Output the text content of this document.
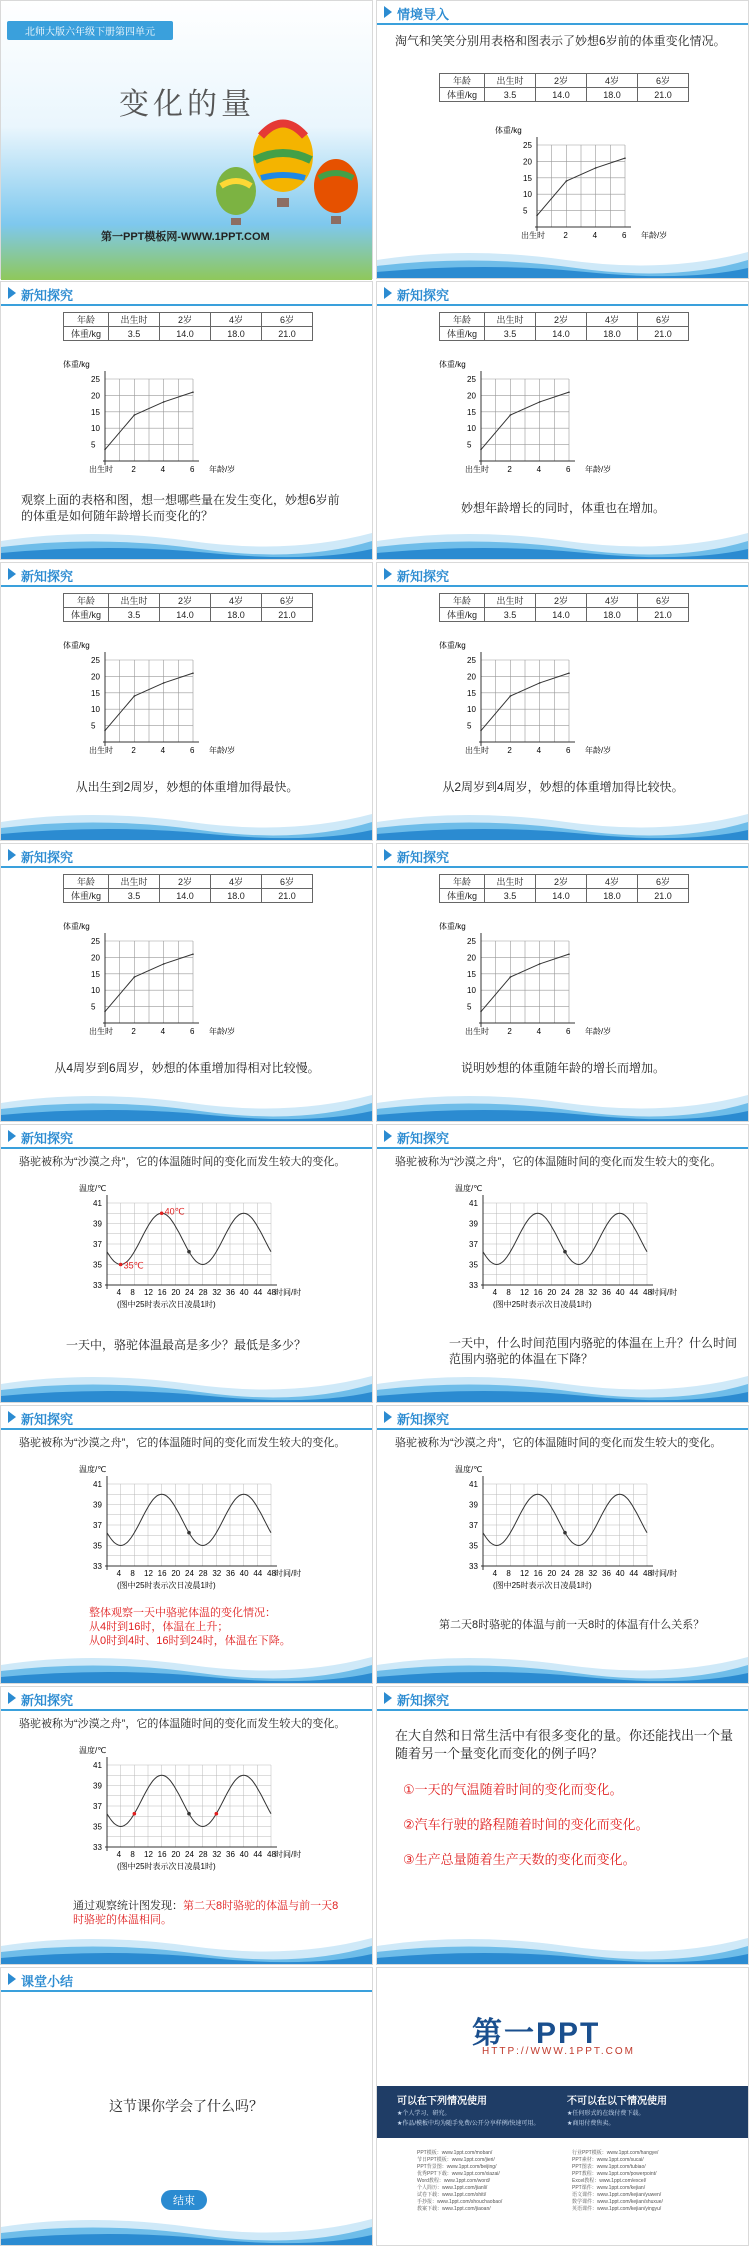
北师大版六年级下册第四单元
变化的量
第一PPT模板网-WWW.1PPT.COM
情境导入
淘气和笑笑分别用表格和图表示了妙想6岁前的体重变化情况。
年龄	出生时	2岁	4岁	6岁
体重/kg	3.5	14.0	18.0	21.0
体重/kg
25
20
15
10
5
出生时 2	4	6 年龄/岁
新知探究
年龄	出生时	2岁	4岁	6岁
体重/kg	3.5	14.0	18.0	21.0
体重/kg
25
20
15
10
5
出生时 2	4	6 年龄/岁
观察上面的表格和图，想一想哪些量在发生变化，妙想6岁前的体重是如何随年龄增长而变化的？
新知探究
年龄	出生时	2岁	4岁	6岁
体重/kg	3.5	14.0	18.0	21.0
体重/kg
25
20
15
10
5
出生时 2	4	6 年龄/岁
妙想年龄增长的同时，体重也在增加。
新知探究
年龄	出生时	2岁	4岁	6岁
体重/kg	3.5	14.0	18.0	21.0
体重/kg
25
20
15
10
5
出生时 2	4	6 年龄/岁
从出生到2周岁，妙想的体重增加得最快。
新知探究
年龄	出生时	2岁	4岁	6岁
体重/kg	3.5	14.0	18.0	21.0
体重/kg
25
20
15
10
5
出生时 2	4	6 年龄/岁
从2周岁到4周岁，妙想的体重增加得比较快。
新知探究
年龄	出生时	2岁	4岁	6岁
体重/kg	3.5	14.0	18.0	21.0
体重/kg
25
20
15
10
5
出生时 2	4	6 年龄/岁
从4周岁到6周岁，妙想的体重增加得相对比较慢。
新知探究
年龄	出生时	2岁	4岁	6岁
体重/kg	3.5	14.0	18.0	21.0
体重/kg
25
20
15
10
5
出生时 2	4	6 年龄/岁
说明妙想的体重随年龄的增长而增加。
一天中，骆驼体温最高是多少？最低是多少？
新知探究
骆驼被称为“沙漠之舟”，它的体温随时间的变化而发生较大的变化。
40℃
35℃
温度/℃
41
39
37
35
33
4 8 12 16 20 24 28 32 36 40 44 48 时间/时
(图中25时表示次日凌晨1时)
一天中，什么时间范围内骆驼的体温在上升？什么时间范围内骆驼的体温在下降？
新知探究
骆驼被称为“沙漠之舟”，它的体温随时间的变化而发生较大的变化。
温度/℃
41
39
37
35
33
4 8 12 16 20 24 28 32 36 40 44 48 时间/时
(图中25时表示次日凌晨1时)
整体观察一天中骆驼体温的变化情况：
从4时到16时，体温在上升；
从0时到4时、16时到24时，体温在下降。
新知探究
骆驼被称为“沙漠之舟”，它的体温随时间的变化而发生较大的变化。
温度/℃
41
39
37
35
33
4 8 12 16 20 24 28 32 36 40 44 48 时间/时
(图中25时表示次日凌晨1时)
第二天8时骆驼的体温与前一天8时的体温有什么关系？
新知探究
骆驼被称为“沙漠之舟”，它的体温随时间的变化而发生较大的变化。
温度/℃
41
39
37
35
33
4 8 12 16 20 24 28 32 36 40 44 48 时间/时
(图中25时表示次日凌晨1时)
通过观察统计图发现：第二天8时骆驼的体温与前一天8时骆驼的体温相同。
新知探究
骆驼被称为“沙漠之舟”，它的体温随时间的变化而发生较大的变化。
温度/℃
41
39
37
35
33
4 8 12 16 20 24 28 32 36 40 44 48 时间/时
(图中25时表示次日凌晨1时)
新知探究
在大自然和日常生活中有很多变化的量。你还能找出一个量随着另一个量变化而变化的例子吗？
①一天的气温随着时间的变化而变化。
②汽车行驶的路程随着时间的变化而变化。
③生产总量随着生产天数的变化而变化。
课堂小结
这节课你学会了什么吗？
结束
第一PPT
HTTP://WWW.1PPT.COM
可以在下列情况使用
★个人学习、研究。
★作品/模板中均为随手免费/公开分享样例/快速可用。
不可以在以下情况使用
★任何形式的在线付费下载。
★商用付费售卖。
PPT模板：www.1ppt.com/moban/
节日PPT模板：www.1ppt.com/jieri/
PPT背景图：www.1ppt.com/beijing/
优秀PPT下载：www.1ppt.com/xiazai/
Word教程：www.1ppt.com/word/
个人简历：www.1ppt.com/jianli/
试卷下载：www.1ppt.com/shiti/
手抄报：www.1ppt.com/shouchaobao/
教案下载：www.1ppt.com/jiaoan/
行业PPT模板：www.1ppt.com/hangye/
PPT素材：www.1ppt.com/sucai/
PPT图表：www.1ppt.com/tubiao/
PPT教程：www.1ppt.com/powerpoint/
Excel教程：www.1ppt.com/excel/
PPT课件：www.1ppt.com/kejian/
语文课件：www.1ppt.com/kejian/yuwen/
数学课件：www.1ppt.com/kejian/shuxue/
英语课件：www.1ppt.com/kejian/yingyu/
